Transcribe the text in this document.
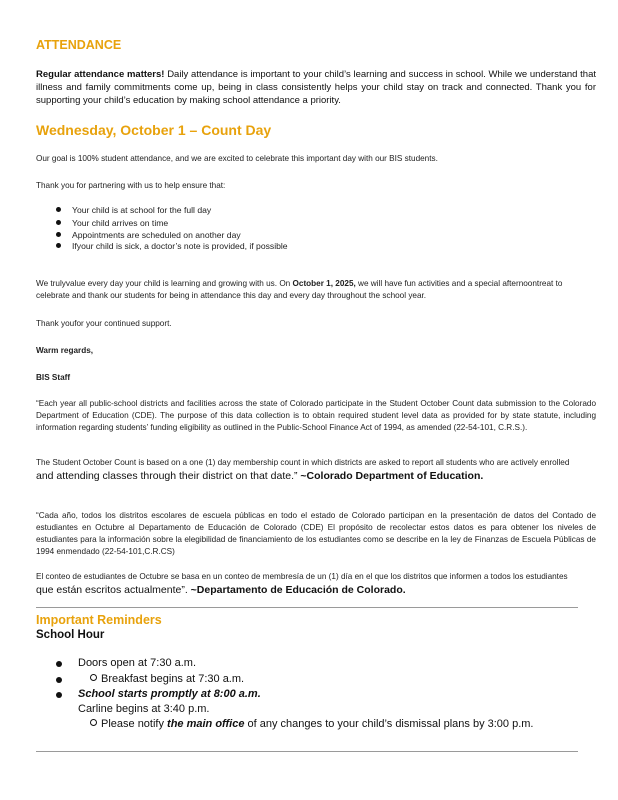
ATTENDANCE
Regular attendance matters! Daily attendance is important to your child’s learning and success in school. While we understand that illness and family commitments come up, being in class consistently helps your child stay on track and connected. Thank you for supporting your child’s education by making school attendance a priority.
Wednesday, October 1 – Count Day
Our goal is 100% student attendance, and we are excited to celebrate this important day with our BIS students.
Thank you for partnering with us to help ensure that:
Your child is at school for the full day
Your child arrives on time
Appointments are scheduled on another day
Ifyour child is sick, a doctor’s note is provided, if possible
We trulyvalue every day your child is learning and growing with us. On October 1, 2025, we will have fun activities and a special afternoontreat to celebrate and thank our students for being in attendance this day and every day throughout the school year.
Thank youfor your continued support.
Warm regards,
BIS Staff
“Each year all public-school districts and facilities across the state of Colorado participate in the Student October Count data submission to the Colorado Department of Education (CDE). The purpose of this data collection is to obtain required student level data as provided for by state statute, including information regarding students’ funding eligibility as outlined in the Public-School Finance Act of 1994, as amended (22-54-101, C.R.S.).
The Student October Count is based on a one (1) day membership count in which districts are asked to report all students who are actively enrolled
and attending classes through their district on that date.” ~Colorado Department of Education.
“Cada año, todos los distritos escolares de escuela públicas en todo el estado de Colorado participan en la presentación de datos del Contado de estudiantes en Octubre al Departamento de Educación de Colorado (CDE) El propósito de recolectar estos datos es para obtener los niveles de estudiantes para la información sobre la elegibilidad de financiamiento de los estudiantes como se describe en la ley de Finanzas de Escuela Públicas de 1994 enmendado (22-54-101,C.R.CS)
El conteo de estudiantes de Octubre se basa en un conteo de membresía de un (1) día en el que los distritos que informen a todos los estudiantes
que están escritos actualmente”. ~Departamento de Educación de Colorado.
Important Reminders
School Hour
Doors open at 7:30 a.m.
Breakfast begins at 7:30 a.m.
School starts promptly at 8:00 a.m.
Carline begins at 3:40 p.m.
Please notify the main office of any changes to your child’s dismissal plans by 3:00 p.m.
